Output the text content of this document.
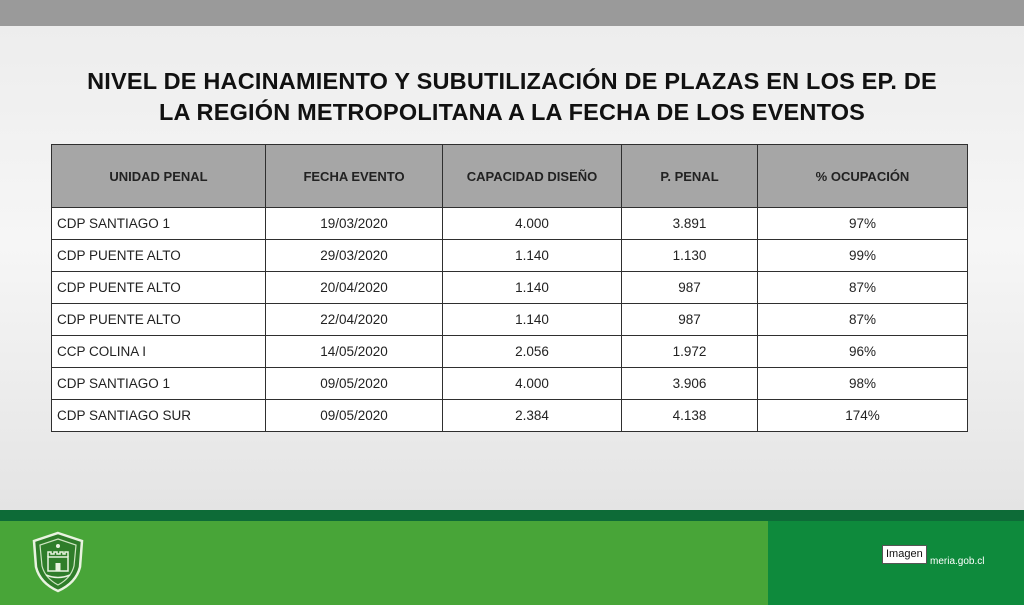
NIVEL DE HACINAMIENTO Y SUBUTILIZACIÓN DE PLAZAS EN LOS EP. DE
LA REGIÓN METROPOLITANA A LA FECHA DE LOS EVENTOS
UNIDAD PENAL	FECHA EVENTO	CAPACIDAD DISEÑO	P. PENAL	% OCUPACIÓN
CDP SANTIAGO 1	19/03/2020	4.000	3.891	97%
CDP PUENTE ALTO	29/03/2020	1.140	1.130	99%
CDP PUENTE ALTO	20/04/2020	1.140	987	87%
CDP PUENTE ALTO	22/04/2020	1.140	987	87%
CCP COLINA I	14/05/2020	2.056	1.972	96%
CDP SANTIAGO 1	09/05/2020	4.000	3.906	98%
CDP SANTIAGO SUR	09/05/2020	2.384	4.138	174%
Imagen
meria.gob.cl
